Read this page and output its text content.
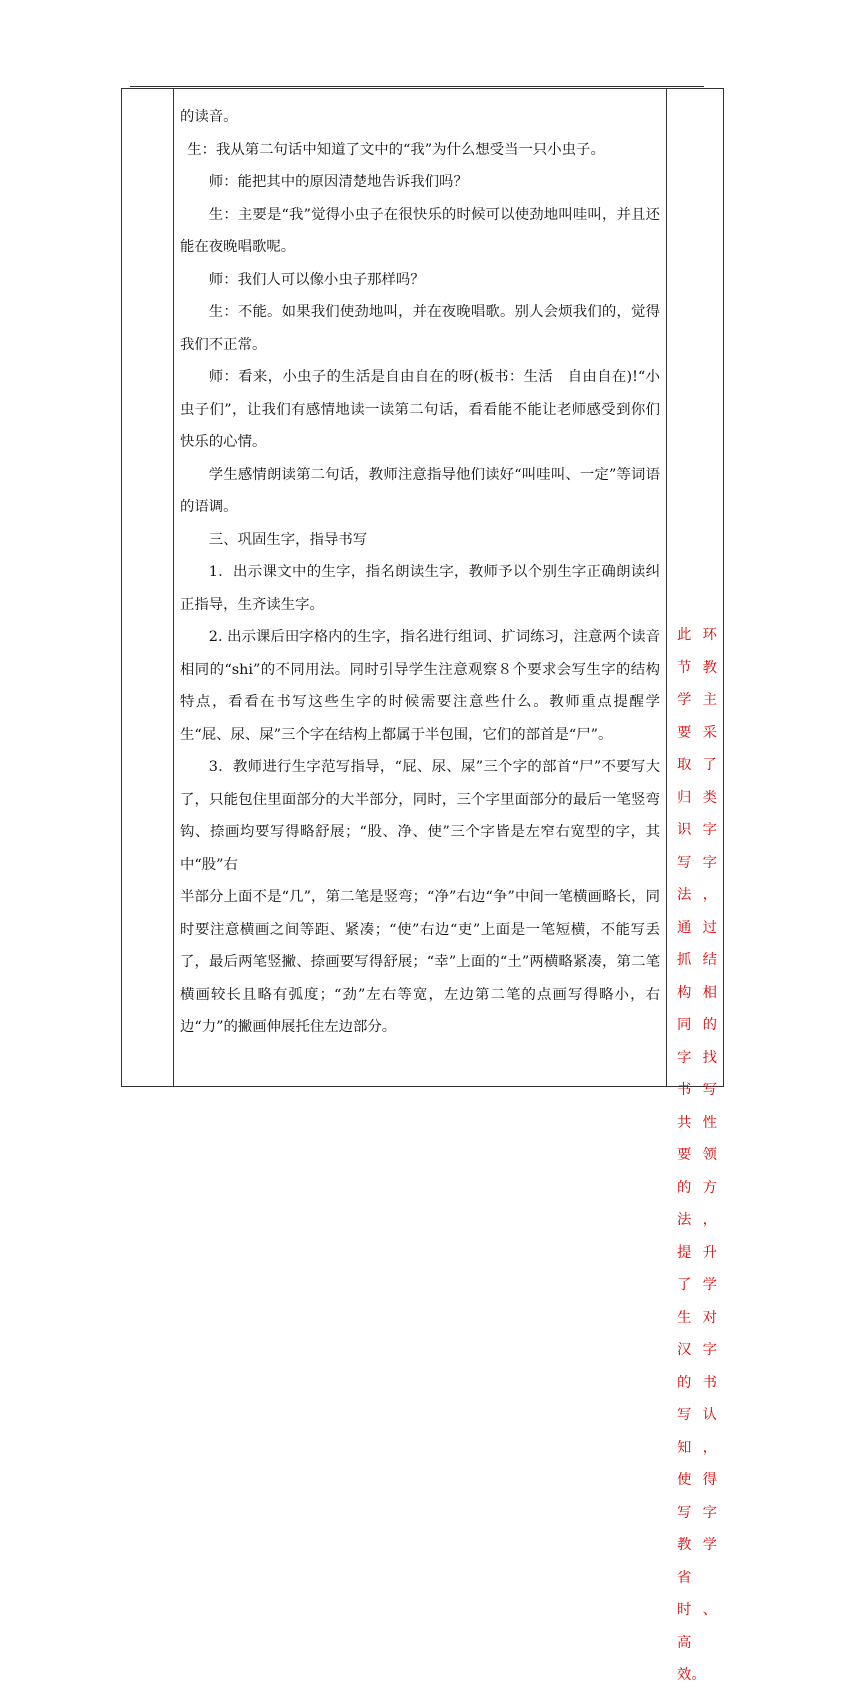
的读音。

生：我从第二句话中知道了文中的“我”为什么想受当一只小虫子。

师：能把其中的原因清楚地告诉我们吗？

生：主要是“我”觉得小虫子在很快乐的时候可以使劲地叫哇叫，并且还能在夜晚唱歌呢。

师：我们人可以像小虫子那样吗？

生：不能。如果我们使劲地叫，并在夜晚唱歌。别人会烦我们的，觉得我们不正常。

师：看来，小虫子的生活是自由自在的呀(板书：生活　自由自在)!“小虫子们”，让我们有感情地读一读第二句话，看看能不能让老师感受到你们快乐的心情。

学生感情朗读第二句话，教师注意指导他们读好“叫哇叫、一定”等词语的语调。

三、巩固生字，指导书写

1．出示课文中的生字，指名朗读生字，教师予以个别生字正确朗读纠正指导，生齐读生字。

2. 出示课后田字格内的生字，指名进行组词、扩词练习，注意两个读音相同的“shi”的不同用法。同时引导学生注意观察８个要求会写生字的结构特点，看看在书写这些生字的时候需要注意些什么。教师重点提醒学生“屁、尿、屎”三个字在结构上都属于半包围，它们的部首是“尸”。

3．教师进行生字范写指导，“屁、尿、屎”三个字的部首“尸”不要写大了，只能包住里面部分的大半部分，同时，三个字里面部分的最后一笔竖弯钩、捺画均要写得略舒展；“股、净、使”三个字皆是左窄右宽型的字，其中“股”右

半部分上面不是“几”，第二笔是竖弯；“净”右边“争”中间一笔横画略长，同时要注意横画之间等距、紧凑；“使”右边“吏”上面是一笔短横，不能写丢了，最后两笔竖撇、捺画要写得舒展；“幸”上面的“土”两横略紧凑，第二笔横画较长且略有弧度；“劲”左右等宽，左边第二笔的点画写得略小，右边“力”的撇画伸展托住左边部分。

此环节教学主要采取了归类识字写字法，通过抓结构相同的字找书写共性要领的方法，提升了学生对汉字的书写认知，使得写字教学省时、高效。
